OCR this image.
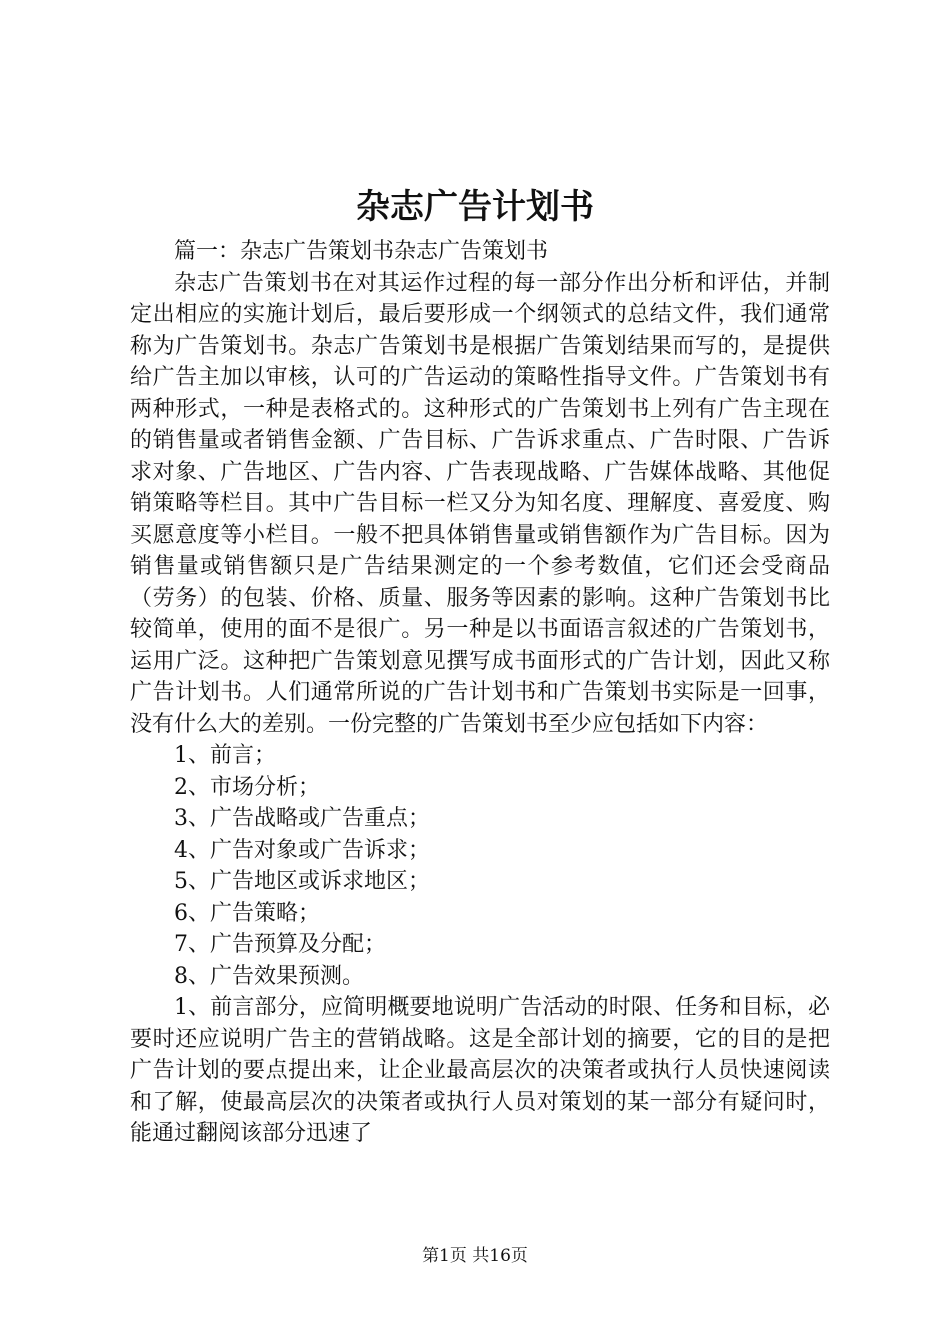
杂志广告计划书

篇一：杂志广告策划书杂志广告策划书

杂志广告策划书在对其运作过程的每一部分作出分析和评估，并制定出相应的实施计划后，最后要形成一个纲领式的总结文件，我们通常称为广告策划书。杂志广告策划书是根据广告策划结果而写的，是提供给广告主加以审核，认可的广告运动的策略性指导文件。广告策划书有两种形式，一种是表格式的。这种形式的广告策划书上列有广告主现在的销售量或者销售金额、广告目标、广告诉求重点、广告时限、广告诉求对象、广告地区、广告内容、广告表现战略、广告媒体战略、其他促销策略等栏目。其中广告目标一栏又分为知名度、理解度、喜爱度、购买愿意度等小栏目。一般不把具体销售量或销售额作为广告目标。因为销售量或销售额只是广告结果测定的一个参考数值，它们还会受商品（劳务）的包装、价格、质量、服务等因素的影响。这种广告策划书比较简单，使用的面不是很广。另一种是以书面语言叙述的广告策划书，运用广泛。这种把广告策划意见撰写成书面形式的广告计划，因此又称广告计划书。人们通常所说的广告计划书和广告策划书实际是一回事，没有什么大的差别。一份完整的广告策划书至少应包括如下内容：

1、前言；

2、市场分析；

3、广告战略或广告重点；

4、广告对象或广告诉求；

5、广告地区或诉求地区；

6、广告策略；

7、广告预算及分配；

8、广告效果预测。

1、前言部分，应简明概要地说明广告活动的时限、任务和目标，必要时还应说明广告主的营销战略。这是全部计划的摘要，它的目的是把广告计划的要点提出来，让企业最高层次的决策者或执行人员快速阅读和了解，使最高层次的决策者或执行人员对策划的某一部分有疑问时，能通过翻阅该部分迅速了

第1页 共16页
